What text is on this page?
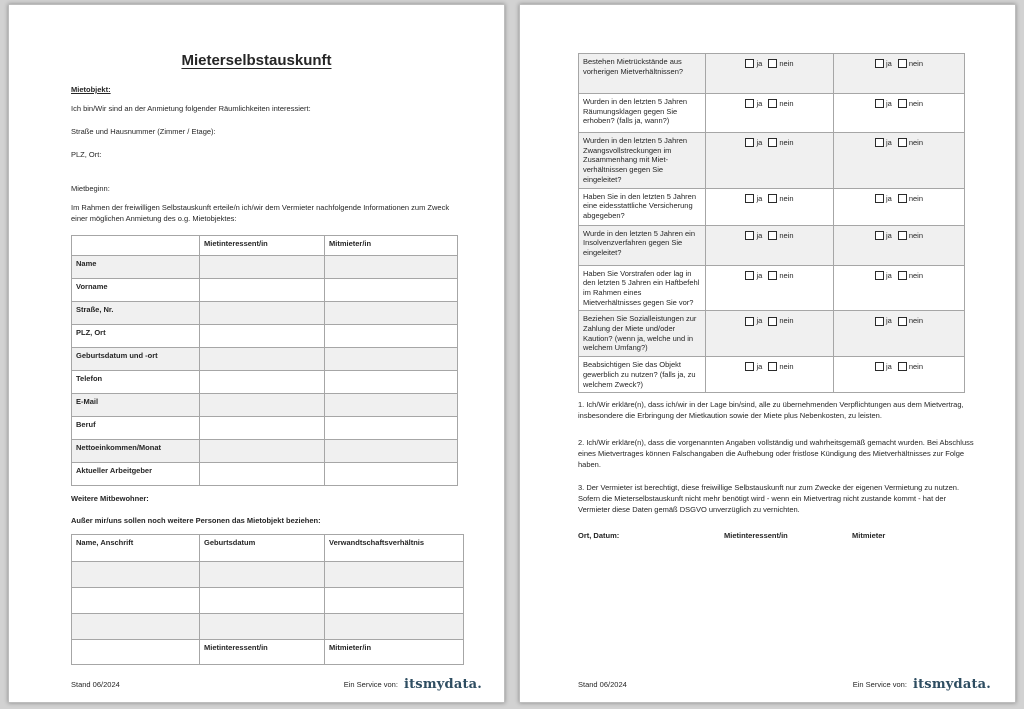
Mieterselbstauskunft
Mietobjekt:
Ich bin/Wir sind an der Anmietung folgender Räumlichkeiten interessiert:
Straße und Hausnummer (Zimmer / Etage):
PLZ, Ort:
Mietbeginn:
Im Rahmen der freiwilligen Selbstauskunft erteile/n ich/wir dem Vermieter nachfolgende Informationen zum Zweck einer möglichen Anmietung des o.g. Mietobjektes:
	Mietinteressent/in	Mitmieter/in
Name		
Vorname		
Straße, Nr.		
PLZ, Ort		
Geburtsdatum und -ort		
Telefon		
E-Mail		
Beruf		
Nettoeinkommen/Monat		
Aktueller Arbeitgeber		
Weitere Mitbewohner:
Außer mir/uns sollen noch weitere Personen das Mietobjekt beziehen:
Name, Anschrift	Geburtsdatum	Verwandtschaftsverhältnis

	Mietinteressent/in	Mitmieter/in
Stand 06/2024	Ein Service von: itsmydata.
Bestehen Mietrückstände aus vorherigen Mietverhältnissen?	ja nein	ja nein

Wurden in den letzten 5 Jahren Räumungsklagen gegen Sie erhoben? (falls ja, wann?)	ja nein	ja nein

Wurden in den letzten 5 Jahren Zwangsvollstreckungen im Zusammenhang mit Miet-verhältnissen gegen Sie eingeleitet?	ja nein	ja nein

Haben Sie in den letzten 5 Jahren eine eidesstattliche Versicherung abgegeben?	ja nein	ja nein

Wurde in den letzten 5 Jahren ein Insolvenzverfahren gegen Sie eingeleitet?	ja nein	ja nein

Haben Sie Vorstrafen oder lag in den letzten 5 Jahren ein Haftbefehl im Rahmen eines Mietverhältnisses gegen Sie vor?	ja nein	ja nein

Beziehen Sie Sozialleistungen zur Zahlung der Miete und/oder Kaution? (wenn ja, welche und in welchem Umfang?)	ja nein	ja nein

Beabsichtigen Sie das Objekt gewerblich zu nutzen? (falls ja, zu welchem Zweck?)	ja nein	ja nein
1. Ich/Wir erkläre(n), dass ich/wir in der Lage bin/sind, alle zu übernehmenden Verpflichtungen aus dem Mietvertrag, insbesondere die Erbringung der Mietkaution sowie der Miete plus Nebenkosten, zu leisten.
2. Ich/Wir erkläre(n), dass die vorgenannten Angaben vollständig und wahrheitsgemäß gemacht wurden. Bei Abschluss eines Mietvertrages können Falschangaben die Aufhebung oder fristlose Kündigung des Mietverhältnisses zur Folge haben.
3. Der Vermieter ist berechtigt, diese freiwillige Selbstauskunft nur zum Zwecke der eigenen Vermietung zu nutzen. Sofern die Mieterselbstauskunft nicht mehr benötigt wird - wenn ein Mietvertrag nicht zustande kommt - hat der Vermieter diese Daten gemäß DSGVO unverzüglich zu vernichten.
Ort, Datum:	Mietinteressent/in	Mitmieter
Stand 06/2024	Ein Service von: itsmydata.
